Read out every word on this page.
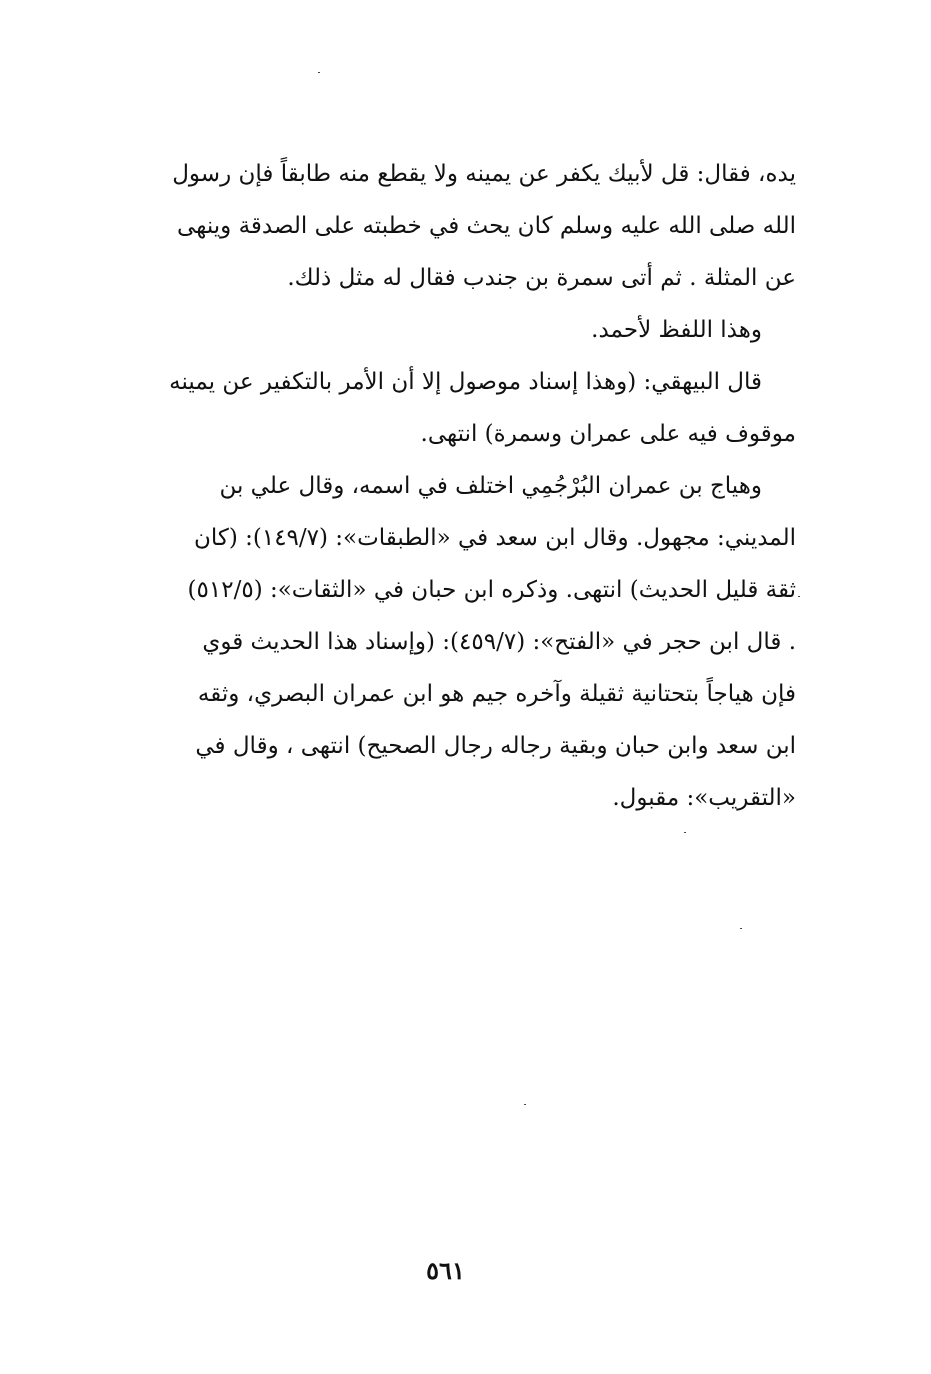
يده، فقال: قل لأبيك يكفر عن يمينه ولا يقطع منه طابقاً فإن رسول
الله صلى الله عليه وسلم كان يحث في خطبته على الصدقة وينهى
عن المثلة . ثم أتى سمرة بن جندب فقال له مثل ذلك.

وهذا اللفظ لأحمد.

قال البيهقي: (وهذا إسناد موصول إلا أن الأمر بالتكفير عن يمينه
موقوف فيه على عمران وسمرة) انتهى.

وهياج بن عمران البُرْجُمِي اختلف في اسمه، وقال علي بن
المديني: مجهول. وقال ابن سعد في «الطبقات»: (١٤٩/٧): (كان
ثقة قليل الحديث) انتهى. وذكره ابن حبان في «الثقات»: (٥١٢/٥)
. قال ابن حجر في «الفتح»: (٤٥٩/٧): (وإسناد هذا الحديث قوي
فإن هياجاً بتحتانية ثقيلة وآخره جيم هو ابن عمران البصري، وثقه
ابن سعد وابن حبان وبقية رجاله رجال الصحيح) انتهى ، وقال في
«التقريب»: مقبول.

٥٦١
